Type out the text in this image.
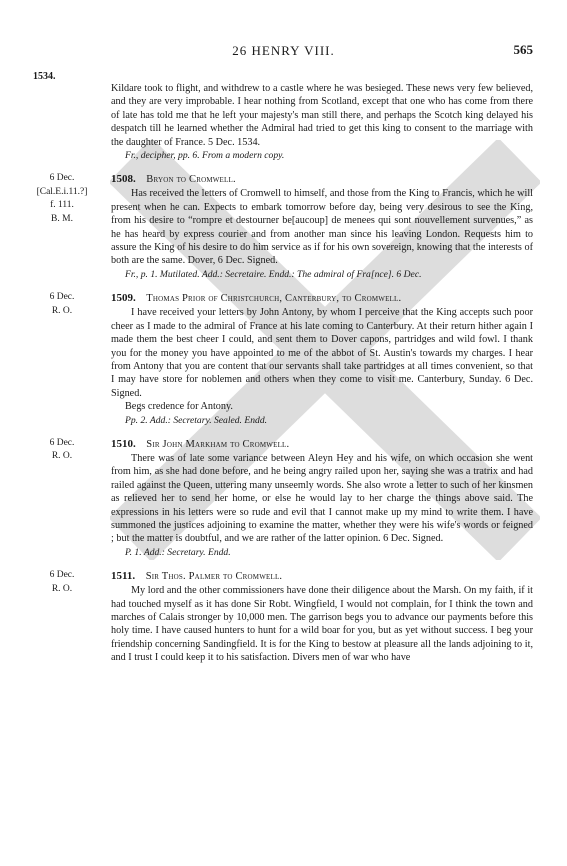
26 HENRY VIII.	565
1534.
Kildare took to flight, and withdrew to a castle where he was besieged. These news very few believed, and they are very improbable. I hear nothing from Scotland, except that one who has come from there of late has told me that he left your majesty's man still there, and perhaps the Scotch king delayed his despatch till he learned whether the Admiral had tried to get this king to consent to the marriage with the daughter of France. 5 Dec. 1534.
Fr., decipher, pp. 6. From a modern copy.
6 Dec.
[Cal.E.i.11.?]
f. 111.
B. M.
1508. Bryon to Cromwell.
Has received the letters of Cromwell to himself, and those from the King to Francis, which he will present when he can. Expects to embark tomorrow before day, being very desirous to see the King, from his desire to “rompre et destourner be[aucoup] de menees qui sont nouvellement survenues,” as he has heard by express courier and from another man since his leaving London. Requests him to assure the King of his desire to do him service as if for his own sovereign, knowing that the interests of both are the same. Dover, 6 Dec. Signed.
Fr., p. 1. Mutilated. Add.: Secretaire. Endd.: The admiral of Fra[nce]. 6 Dec.
6 Dec.
R. O.
1509. Thomas Prior of Christchurch, Canterbury, to Cromwell.
I have received your letters by John Antony, by whom I perceive that the King accepts such poor cheer as I made to the admiral of France at his late coming to Canterbury. At their return hither again I made them the best cheer I could, and sent them to Dover capons, partridges and wild fowl. I thank you for the money you have appointed to me of the abbot of St. Austin's towards my charges. I hear from Antony that you are content that our servants shall take partridges at all times convenient, so that I may have store for noblemen and others when they come to visit me. Canterbury, Sunday. 6 Dec. Signed.
Begs credence for Antony.
Pp. 2. Add.: Secretary. Sealed. Endd.
6 Dec.
R. O.
1510. Sir John Markham to Cromwell.
There was of late some variance between Aleyn Hey and his wife, on which occasion she went from him, as she had done before, and he being angry railed upon her, saying she was a tratrix and had railed against the Queen, uttering many unseemly words. She also wrote a letter to such of her kinsmen as relieved her to send her home, or else he would lay to her charge the things above said. The expressions in his letters were so rude and evil that I cannot make up my mind to write them. I have summoned the justices adjoining to examine the matter, whether they were his wife's words or feigned ; but the matter is doubtful, and we are rather of the latter opinion. 6 Dec. Signed.
P. 1. Add.: Secretary. Endd.
6 Dec.
R. O.
1511. Sir Thos. Palmer to Cromwell.
My lord and the other commissioners have done their diligence about the Marsh. On my faith, if it had touched myself as it has done Sir Robt. Wingfield, I would not complain, for I think the town and marches of Calais stronger by 10,000 men. The garrison begs you to advance our payments before this holy time. I have caused hunters to hunt for a wild boar for you, but as yet without success. I beg your friendship concerning Sandingfield. It is for the King to bestow at pleasure all the lands adjoining to it, and I trust I could keep it to his satisfaction. Divers men of war who have
